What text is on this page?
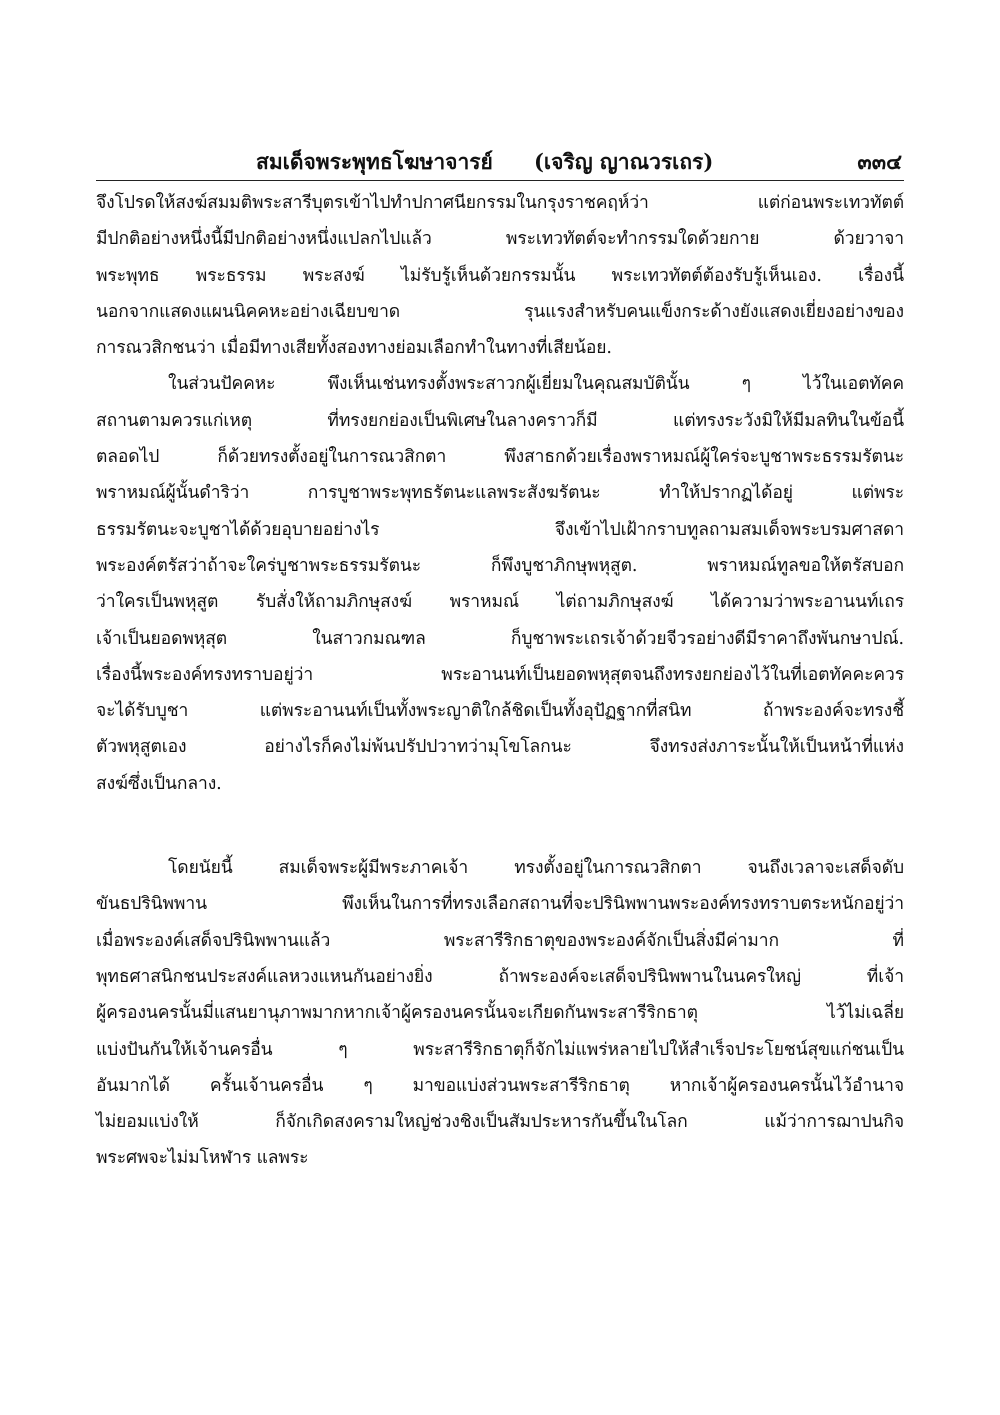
สมเด็จพระพุทธโฆษาจารย์ (เจริญ ญาณวรเถร)	๓๓๔
จึงโปรดให้สงฆ์สมมติพระสารีบุตรเข้าไปทำปกาศนียกรรมในกรุงราชคฤห์ว่า แต่ก่อนพระเทวทัตต์
มีปกติอย่างหนึ่งนี้มีปกติอย่างหนึ่งแปลกไปแล้ว พระเทวทัตต์จะทำกรรมใดด้วยกาย ด้วยวาจา
พระพุทธ พระธรรม พระสงฆ์ ไม่รับรู้เห็นด้วยกรรมนั้น พระเทวทัตต์ต้องรับรู้เห็นเอง. เรื่องนี้
นอกจากแสดงแผนนิคคหะอย่างเฉียบขาด รุนแรงสำหรับคนแข็งกระด้างยังแสดงเยี่ยงอย่างของ
การณวสิกชนว่า เมื่อมีทางเสียทั้งสองทางย่อมเลือกทำในทางที่เสียน้อย.
ในส่วนปัคคหะ พึงเห็นเช่นทรงตั้งพระสาวกผู้เยี่ยมในคุณสมบัตินั้น ๆ ไว้ในเอตทัคค
สถานตามควรแก่เหตุ ที่ทรงยกย่องเป็นพิเศษในลางคราวก็มี แต่ทรงระวังมิให้มีมลทินในข้อนี้
ตลอดไป ก็ด้วยทรงตั้งอยู่ในการณวสิกตา พึงสาธกด้วยเรื่องพราหมณ์ผู้ใคร่จะบูชาพระธรรมรัตนะ
พราหมณ์ผู้นั้นดำริว่า การบูชาพระพุทธรัตนะแลพระสังฆรัตนะ ทำให้ปรากฏได้อยู่ แต่พระ
ธรรมรัตนะจะบูชาได้ด้วยอุบายอย่างไร จึงเข้าไปเฝ้ากราบทูลถามสมเด็จพระบรมศาสดา
พระองค์ตรัสว่าถ้าจะใคร่บูชาพระธรรมรัตนะ ก็พึงบูชาภิกษุพหุสูต. พราหมณ์ทูลขอให้ตรัสบอก
ว่าใครเป็นพหุสูต รับสั่งให้ถามภิกษุสงฆ์ พราหมณ์ ไต่ถามภิกษุสงฆ์ ได้ความว่าพระอานนท์เถร
เจ้าเป็นยอดพหุสุต ในสาวกมณฑล ก็บูชาพระเถรเจ้าด้วยจีวรอย่างดีมีราคาถึงพันกษาปณ์.
เรื่องนี้พระองค์ทรงทราบอยู่ว่า พระอานนท์เป็นยอดพหุสุตจนถึงทรงยกย่องไว้ในที่เอตทัคคะควร
จะได้รับบูชา แต่พระอานนท์เป็นทั้งพระญาติใกล้ชิดเป็นทั้งอุปัฏฐากที่สนิท ถ้าพระองค์จะทรงชี้
ตัวพหุสูตเอง อย่างไรก็คงไม่พ้นปรัปปวาทว่ามุโขโลกนะ จึงทรงส่งภาระนั้นให้เป็นหน้าที่แห่ง
สงฆ์ซึ่งเป็นกลาง.
โดยนัยนี้ สมเด็จพระผู้มีพระภาคเจ้า ทรงตั้งอยู่ในการณวสิกตา จนถึงเวลาจะเสด็จดับ
ขันธปรินิพพาน พึงเห็นในการที่ทรงเลือกสถานที่จะปรินิพพานพระองค์ทรงทราบตระหนักอยู่ว่า
เมื่อพระองค์เสด็จปรินิพพานแล้ว พระสารีริกธาตุของพระองค์จักเป็นสิ่งมีค่ามาก ที่
พุทธศาสนิกชนประสงค์แลหวงแหนกันอย่างยิ่ง ถ้าพระองค์จะเสด็จปรินิพพานในนครใหญ่ ที่เจ้า
ผู้ครองนครนั้นมี่แสนยานุภาพมากหากเจ้าผู้ครองนครนั้นจะเกียดกันพระสารีริกธาตุ ไว้ไม่เฉลี่ย
แบ่งปันกันให้เจ้านครอื่น ๆ พระสารีริกธาตุก็จักไม่แพร่หลายไปให้สำเร็จประโยชน์สุขแก่ชนเป็น
อันมากได้ ครั้นเจ้านครอื่น ๆ มาขอแบ่งส่วนพระสารีริกธาตุ หากเจ้าผู้ครองนครนั้นไว้อำนาจ
ไม่ยอมแบ่งให้ ก็จักเกิดสงครามใหญ่ช่วงชิงเป็นสัมประหารกันขึ้นในโลก แม้ว่าการฌาปนกิจ
พระศพจะไม่มโหฬาร แลพระ
